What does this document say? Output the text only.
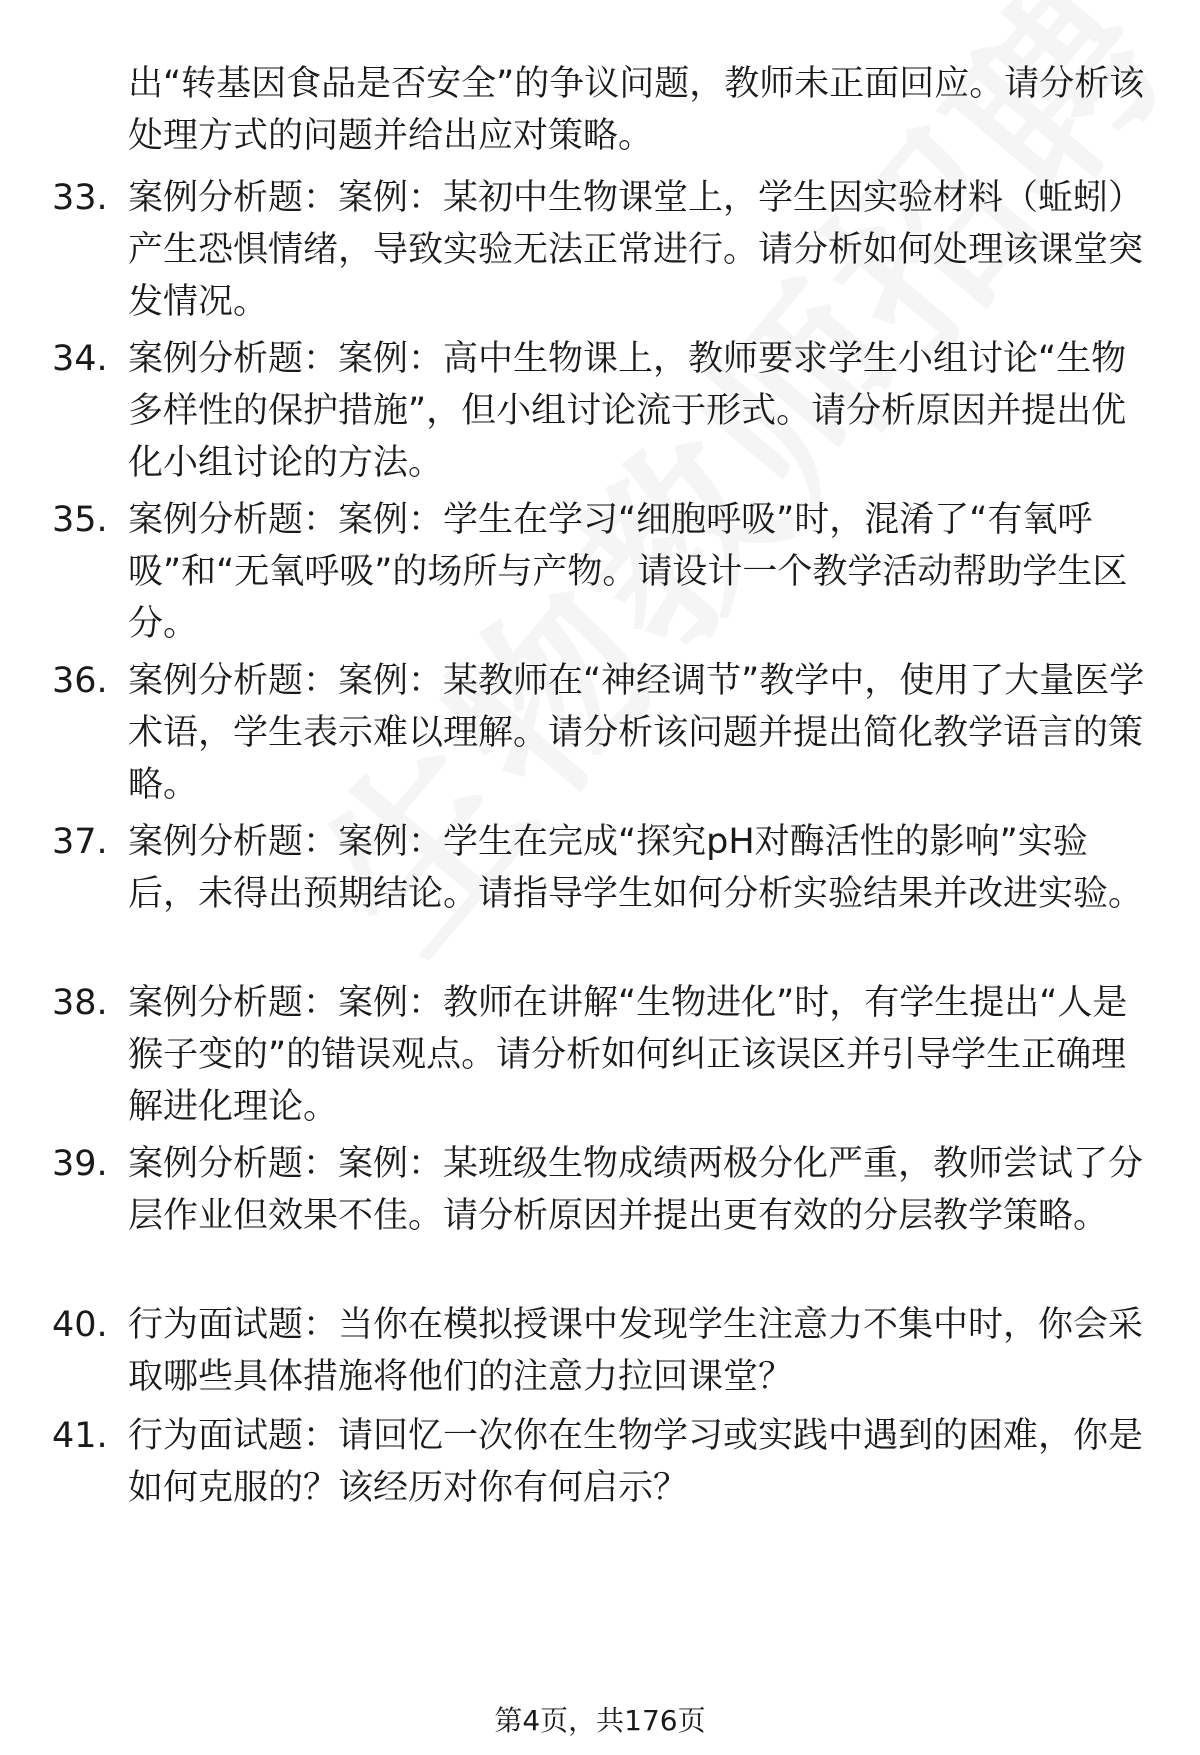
出“转基因食品是否安全”的争议问题，教师未正面回应。请分析该处理方式的问题并给出应对策略。
33. 案例分析题：案例：某初中生物课堂上，学生因实验材料（蚯蚓）产生恐惧情绪，导致实验无法正常进行。请分析如何处理该课堂突发情况。
34. 案例分析题：案例：高中生物课上，教师要求学生小组讨论“生物多样性的保护措施”，但小组讨论流于形式。请分析原因并提出优化小组讨论的方法。
35. 案例分析题：案例：学生在学习“细胞呼吸”时，混淆了“有氧呼吸”和“无氧呼吸”的场所与产物。请设计一个教学活动帮助学生区分。
36. 案例分析题：案例：某教师在“神经调节”教学中，使用了大量医学术语，学生表示难以理解。请分析该问题并提出简化教学语言的策略。
37. 案例分析题：案例：学生在完成“探究pH对酶活性的影响”实验后，未得出预期结论。请指导学生如何分析实验结果并改进实验。
38. 案例分析题：案例：教师在讲解“生物进化”时，有学生提出“人是猴子变的”的错误观点。请分析如何纠正该误区并引导学生正确理解进化理论。
39. 案例分析题：案例：某班级生物成绩两极分化严重，教师尝试了分层作业但效果不佳。请分析原因并提出更有效的分层教学策略。
40. 行为面试题：当你在模拟授课中发现学生注意力不集中时，你会采取哪些具体措施将他们的注意力拉回课堂？
41. 行为面试题：请回忆一次你在生物学习或实践中遇到的困难，你是如何克服的？该经历对你有何启示？
第4页，共176页
